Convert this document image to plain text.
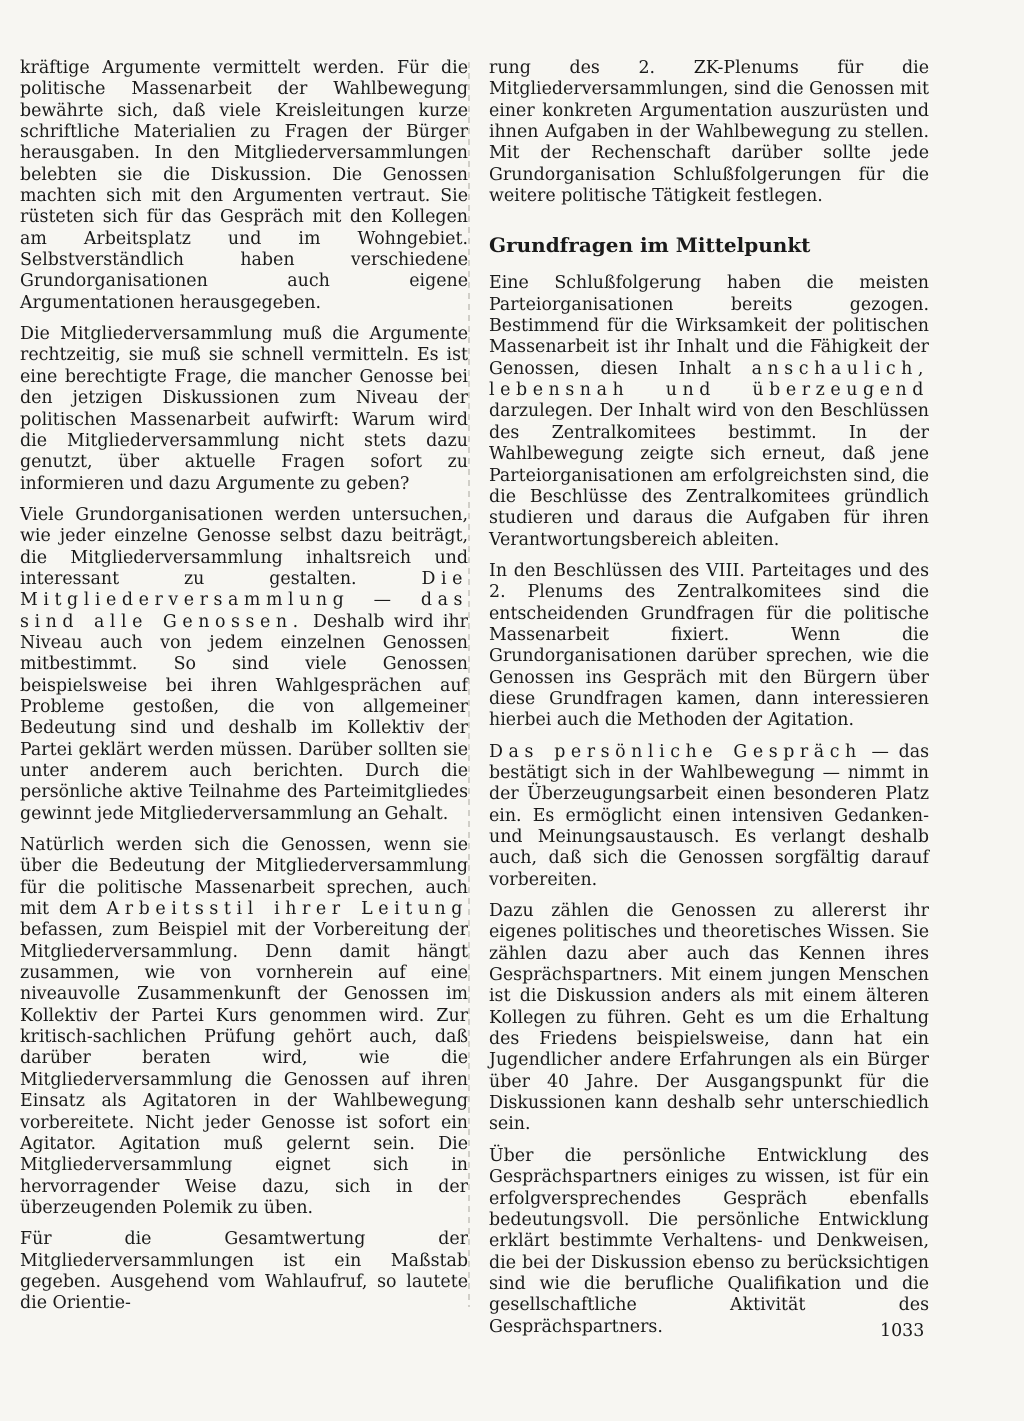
kräftige Argumente vermittelt werden. Für die politische Massenarbeit der Wahlbewegung bewährte sich, daß viele Kreisleitungen kurze schriftliche Materialien zu Fragen der Bürger herausgaben. In den Mitgliederversammlungen belebten sie die Diskussion. Die Genossen machten sich mit den Argumenten vertraut. Sie rüsteten sich für das Gespräch mit den Kollegen am Arbeitsplatz und im Wohngebiet. Selbstverständlich haben verschiedene Grundorganisationen auch eigene Argumentationen herausgegeben.

Die Mitgliederversammlung muß die Argumente rechtzeitig, sie muß sie schnell vermitteln. Es ist eine berechtigte Frage, die mancher Genosse bei den jetzigen Diskussionen zum Niveau der politischen Massenarbeit aufwirft: Warum wird die Mitgliederversammlung nicht stets dazu genutzt, über aktuelle Fragen sofort zu informieren und dazu Argumente zu geben?

Viele Grundorganisationen werden untersuchen, wie jeder einzelne Genosse selbst dazu beiträgt, die Mitgliederversammlung inhaltsreich und interessant zu gestalten.	Die Mitgliederversammlung — das sind alle Genossen. Deshalb wird ihr Niveau auch von jedem einzelnen Genossen mitbestimmt. So sind viele Genossen beispielsweise bei ihren Wahlgesprächen auf Probleme gestoßen, die von allgemeiner Bedeutung sind und deshalb im Kollektiv der Partei geklärt werden müssen. Darüber sollten sie unter anderem auch berichten. Durch die persönliche aktive Teilnahme des Parteimitgliedes gewinnt jede Mitgliederversammlung an Gehalt.

Natürlich werden sich die Genossen, wenn sie über die Bedeutung der Mitgliederversammlung für die politische Massenarbeit sprechen, auch mit dem Arbeitsstil ihrer Leitung befassen, zum Beispiel mit der Vorbereitung der Mitgliederversammlung. Denn damit hängt zusammen, wie von vornherein auf eine niveauvolle Zusammenkunft der Genossen im Kollektiv der Partei Kurs genommen wird. Zur kritisch-sachlichen Prüfung gehört auch, daß darüber beraten wird, wie die Mitgliederversammlung die Genossen auf ihren Einsatz als Agitatoren in der Wahlbewegung vorbereitete. Nicht jeder Genosse ist sofort ein Agitator. Agitation muß gelernt sein. Die Mitgliederversammlung eignet sich in hervorragender Weise dazu, sich in der überzeugenden Polemik zu üben.

Für die Gesamtwertung der Mitgliederversammlungen ist ein Maßstab gegeben. Ausgehend vom Wahlaufruf, so lautete die Orientie-

rung des 2. ZK-Plenums für die Mitgliederversammlungen, sind die Genossen mit einer konkreten Argumentation auszurüsten und ihnen Aufgaben in der Wahlbewegung zu stellen. Mit der Rechenschaft darüber sollte jede Grundorganisation Schlußfolgerungen für die weitere politische Tätigkeit festlegen.

Grundfragen im Mittelpunkt

Eine Schlußfolgerung haben die meisten Parteiorganisationen bereits gezogen. Bestimmend für die Wirksamkeit der politischen Massenarbeit ist ihr Inhalt und die Fähigkeit der Genossen, diesen Inhalt anschaulich, lebensnah und überzeugend darzulegen. Der Inhalt wird von den Beschlüssen des Zentralkomitees bestimmt. In der Wahlbewegung zeigte sich erneut, daß jene Parteiorganisationen am erfolgreichsten sind, die die Beschlüsse des Zentralkomitees gründlich studieren und daraus die Aufgaben für ihren Verantwortungsbereich ableiten.

In den Beschlüssen des VIII. Parteitages und des 2. Plenums des Zentralkomitees sind die entscheidenden Grundfragen für die politische Massenarbeit fixiert. Wenn die Grundorganisationen darüber sprechen, wie die Genossen ins Gespräch mit den Bürgern über diese Grundfragen kamen, dann interessieren hierbei auch die Methoden der Agitation.

Das persönliche Gespräch — das bestätigt sich in der Wahlbewegung — nimmt in der Überzeugungsarbeit einen besonderen Platz ein. Es ermöglicht einen intensiven Gedanken- und Meinungsaustausch. Es verlangt deshalb auch, daß sich die Genossen sorgfältig darauf vorbereiten.

Dazu zählen die Genossen zu allererst ihr eigenes politisches und theoretisches Wissen. Sie zählen dazu aber auch das Kennen ihres Gesprächspartners. Mit einem jungen Menschen ist die Diskussion anders als mit einem älteren Kollegen zu führen. Geht es um die Erhaltung des Friedens beispielsweise, dann hat ein Jugendlicher andere Erfahrungen als ein Bürger über 40 Jahre. Der Ausgangspunkt für die Diskussionen kann deshalb sehr unterschiedlich sein.

Über die persönliche Entwicklung des Gesprächspartners einiges zu wissen, ist für ein erfolgversprechendes Gespräch ebenfalls bedeutungsvoll. Die persönliche Entwicklung erklärt bestimmte Verhaltens- und Denkweisen, die bei der Diskussion ebenso zu berücksichtigen sind wie die berufliche Qualifikation und die gesellschaftliche Aktivität des Gesprächspartners.	1033
